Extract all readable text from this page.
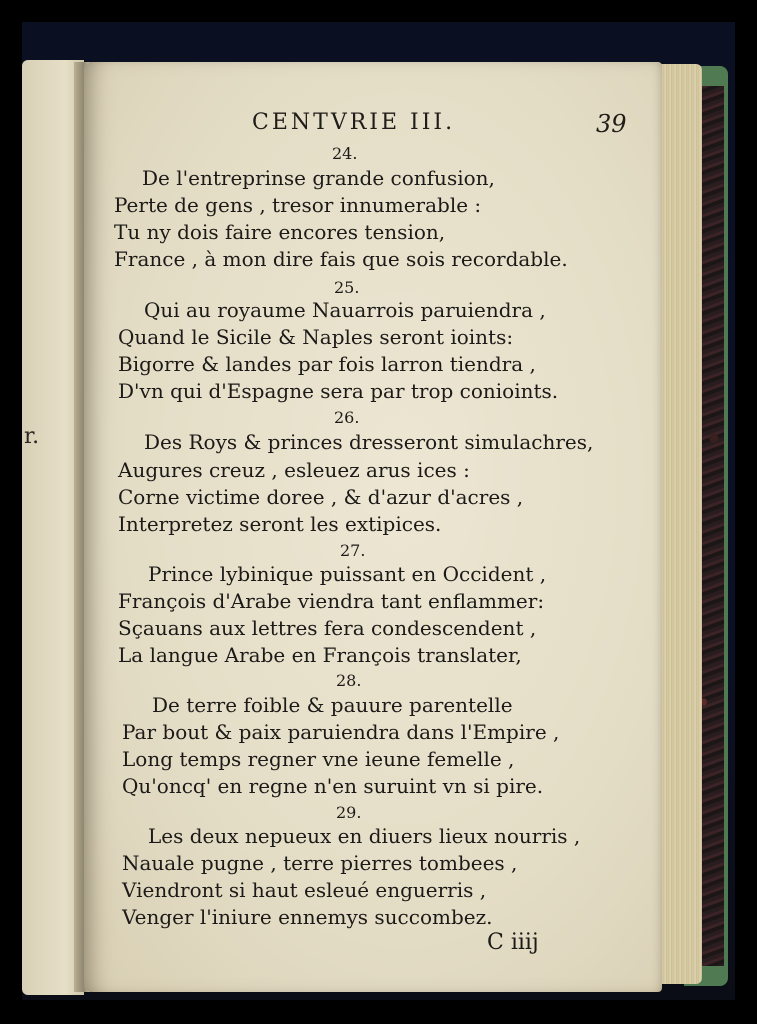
r.
CENTVRIE III.	39
24.
De l'entreprinse grande confusion,
Perte de gens , tresor innumerable :
Tu ny dois faire encores tension,
France , à mon dire fais que sois recordable.
25.
Qui au royaume Nauarrois paruiendra ,
Quand le Sicile & Naples seront ioints:
Bigorre & landes par fois larron tiendra ,
D'vn qui d'Espagne sera par trop conioints.
26.
Des Roys & princes dresseront simulachres,
Augures creuz , esleuez arus ices :
Corne victime doree , & d'azur d'acres ,
Interpretez seront les extipices.
27.
Prince lybinique puissant en Occident ,
François d'Arabe viendra tant enflammer:
Sçauans aux lettres fera condescendent ,
La langue Arabe en François translater,
28.
De terre foible & pauure parentelle
Par bout & paix paruiendra dans l'Empire ,
Long temps regner vne ieune femelle ,
Qu'oncq' en regne n'en suruint vn si pire.
29.
Les deux nepueux en diuers lieux nourris ,
Nauale pugne , terre pierres tombees ,
Viendront si haut esleué enguerris ,
Venger l'iniure ennemys succombez.
C iiij
